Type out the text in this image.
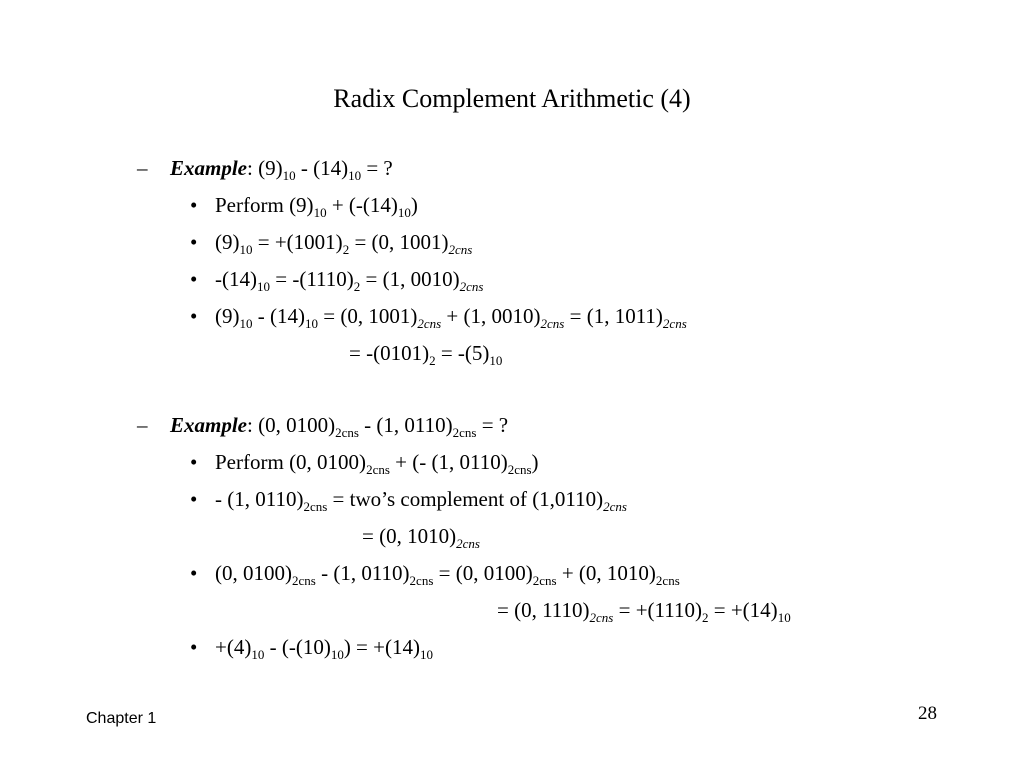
Radix Complement Arithmetic (4)
– Example: $(9)_{10} - (14)_{10}$ = ?
• Perform $(9)_{10} + (-(14)_{10})$
• $(9)_{10} = +(1001)_2 = (0$, $1001)_{2cns}$
• $-(14)_{10} = -(1110)_2 = (1$, $0010)_{2cns}$
• $(9)_{10} - (14)_{10} = (0$, $1001)_{2cns} + (1$, $0010)_{2cns} = (1$, $1011)_{2cns}$
= $-(0101)_2 = -(5)_{10}$
– Example: (0, $0100)_{2cns} - (1$, $0110)_{2cns}$ = ?
• Perform (0, $0100)_{2cns}$ + (- (1, $0110)_{2cns}$)
• - (1, $0110)_{2cns}$ = two’s complement of $(1,0110)_{2cns}$
= (0, $1010)_{2cns}$
• (0, $0100)_{2cns} - (1$, $0110)_{2cns} = (0$, $0100)_{2cns} + (0$, $1010)_{2cns}$
= (0, $1110)_{2cns} = +(1110)_2 = +(14)_{10}$
• $+(4)_{10} - (-(10)_{10}) = +(14)_{10}$
Chapter 1	28
